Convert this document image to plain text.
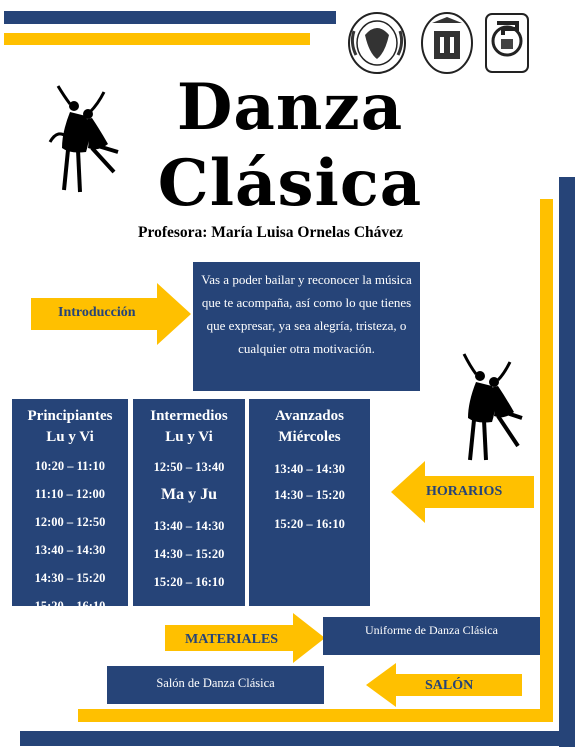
Danza
Clásica
Profesora: María Luisa Ornelas Chávez
Introducción
Vas a poder bailar y reconocer la música que te acompaña, así como lo que tienes que expresar, ya sea alegría, tristeza, o cualquier otra motivación.
Principiantes
Lu y Vi
10:20 – 11:10
11:10 – 12:00
12:00 – 12:50
13:40 – 14:30
14:30 – 15:20
15:20 – 16:10
Intermedios
Lu y Vi
12:50 – 13:40
Ma y Ju
13:40 – 14:30
14:30 – 15:20
15:20 – 16:10
Avanzados
Miércoles
13:40 – 14:30
14:30 – 15:20
15:20 – 16:10
HORARIOS
MATERIALES
Uniforme de Danza Clásica
Salón de Danza Clásica	SALÓN
